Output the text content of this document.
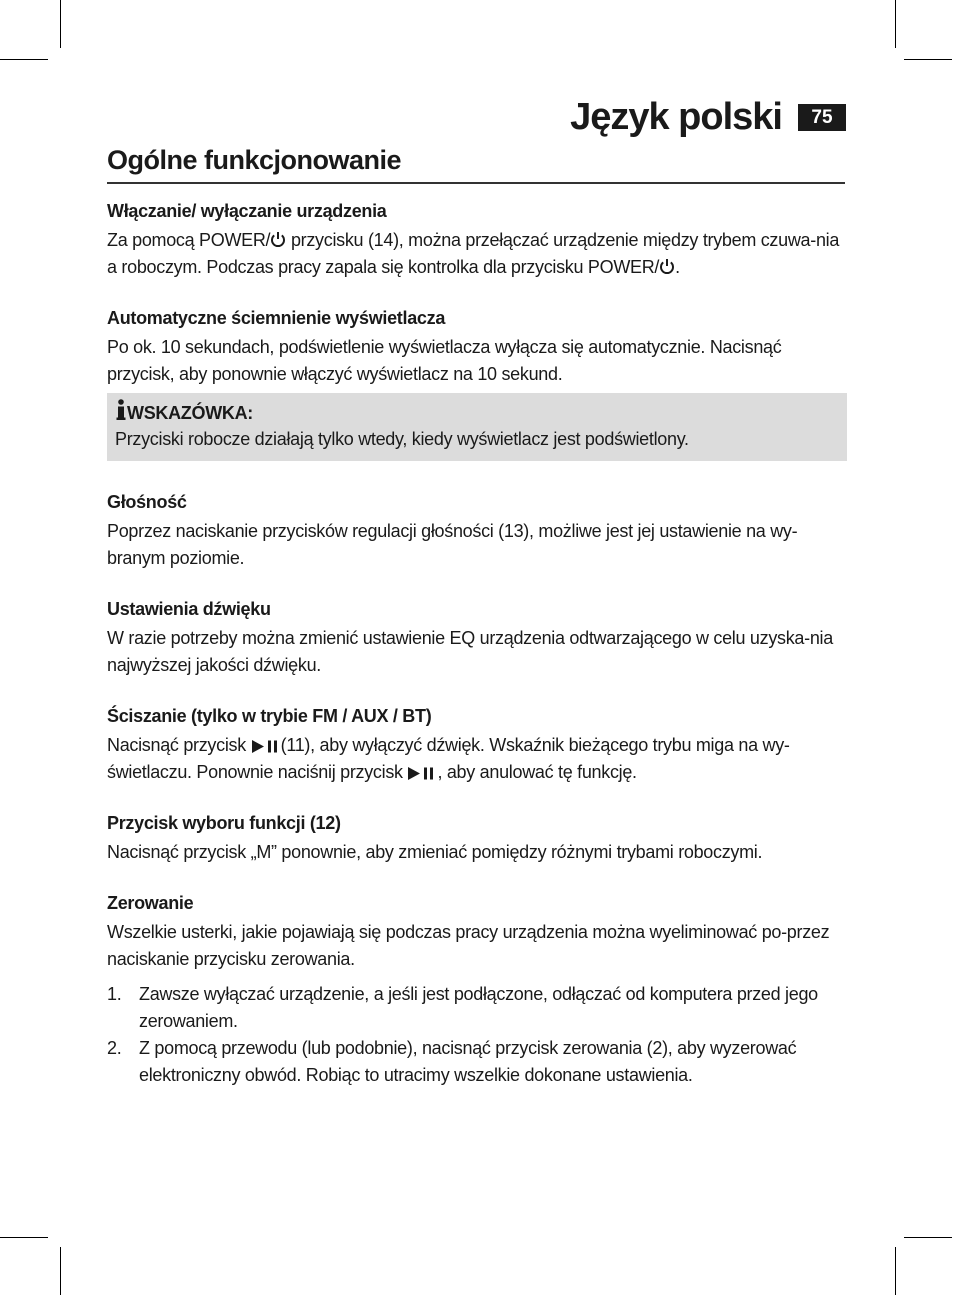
Język polski	75
Ogólne funkcjonowanie

Włączanie/ wyłączanie urządzenia

Za pomocą POWER/ przycisku (14), można przełączać urządzenie między trybem czuwa-nia a roboczym. Podczas pracy zapala się kontrolka dla przycisku POWER/ .

Automatyczne ściemnienie wyświetlacza

Po ok. 10 sekundach, podświetlenie wyświetlacza wyłącza się automatycznie. Nacisnąć przycisk, aby ponownie włączyć wyświetlacz na 10 sekund.

WSKAZÓWKA:
Przyciski robocze działają tylko wtedy, kiedy wyświetlacz jest podświetlony.

Głośność

Poprzez naciskanie przycisków regulacji głośności (13), możliwe jest jej ustawienie na wy-branym poziomie.

Ustawienia dźwięku

W razie potrzeby można zmienić ustawienie EQ urządzenia odtwarzającego w celu uzyska-nia najwyższej jakości dźwięku.

Ściszanie (tylko w trybie FM / AUX / BT)

Nacisnąć przycisk (11), aby wyłączyć dźwięk. Wskaźnik bieżącego trybu miga na wy-świetlaczu. Ponownie naciśnij przycisk , aby anulować tę funkcję.

Przycisk wyboru funkcji (12)

Nacisnąć przycisk „M” ponownie, aby zmieniać pomiędzy różnymi trybami roboczymi.

Zerowanie

Wszelkie usterki, jakie pojawiają się podczas pracy urządzenia można wyeliminować po-przez naciskanie przycisku zerowania.

1. Zawsze wyłączać urządzenie, a jeśli jest podłączone, odłączać od komputera przed jego zerowaniem.
2. Z pomocą przewodu (lub podobnie), nacisnąć przycisk zerowania (2), aby wyzerować elektroniczny obwód. Robiąc to utracimy wszelkie dokonane ustawienia.
